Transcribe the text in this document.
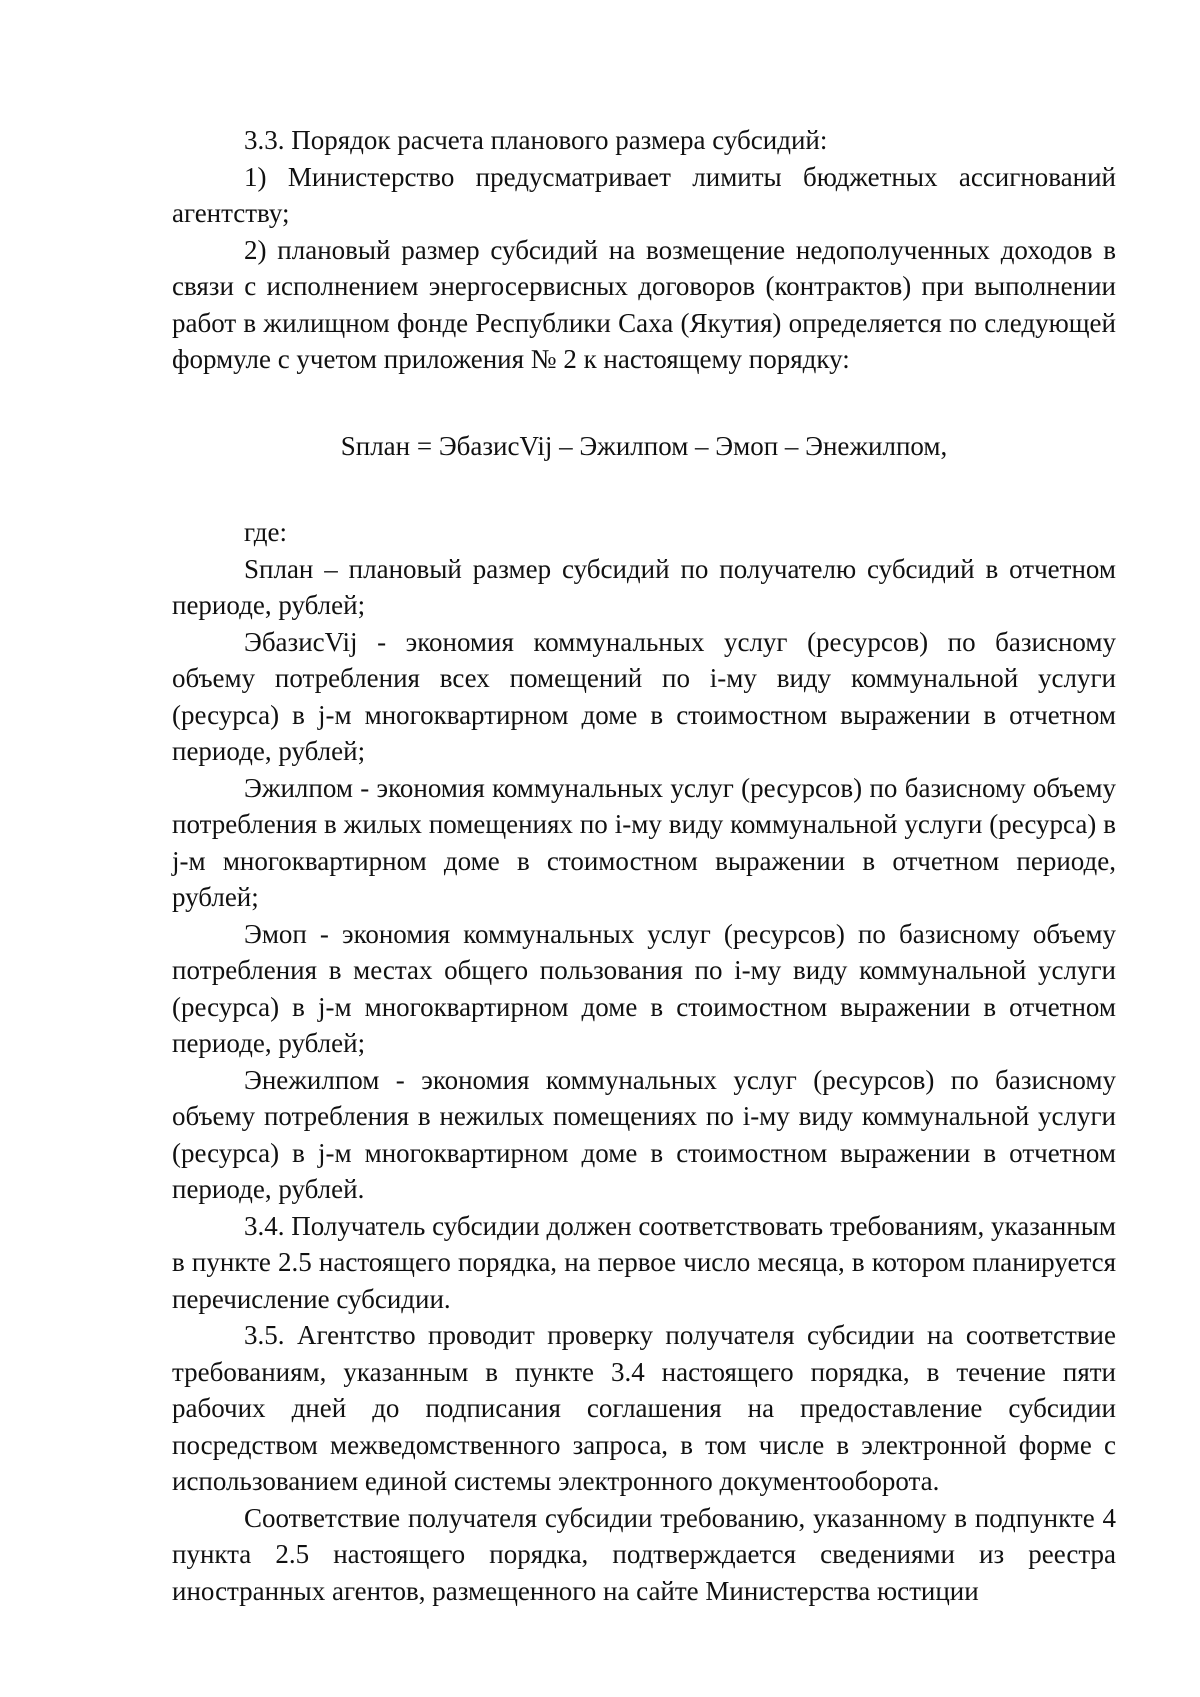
3.3. Порядок расчета планового размера субсидий:

1) Министерство предусматривает лимиты бюджетных ассигнований агентству;

2) плановый размер субсидий на возмещение недополученных доходов в связи с исполнением энергосервисных договоров (контрактов) при выполнении работ в жилищном фонде Республики Саха (Якутия) определяется по следующей формуле с учетом приложения № 2 к настоящему порядку:

Sплан = ЭбазисVij – Эжилпом – Эмоп – Энежилпом,

где:

Sплан – плановый размер субсидий по получателю субсидий в отчетном периоде, рублей;

ЭбазисVij - экономия коммунальных услуг (ресурсов) по базисному объему потребления всех помещений по i-му виду коммунальной услуги (ресурса) в j-м многоквартирном доме в стоимостном выражении в отчетном периоде, рублей;

Эжилпом - экономия коммунальных услуг (ресурсов) по базисному объему потребления в жилых помещениях по i-му виду коммунальной услуги (ресурса) в j-м многоквартирном доме в стоимостном выражении в отчетном периоде, рублей;

Эмоп - экономия коммунальных услуг (ресурсов) по базисному объему потребления в местах общего пользования по i-му виду коммунальной услуги (ресурса) в j-м многоквартирном доме в стоимостном выражении в отчетном периоде, рублей;

Энежилпом - экономия коммунальных услуг (ресурсов) по базисному объему потребления в нежилых помещениях по i-му виду коммунальной услуги (ресурса) в j-м многоквартирном доме в стоимостном выражении в отчетном периоде, рублей.

3.4. Получатель субсидии должен соответствовать требованиям, указанным в пункте 2.5 настоящего порядка, на первое число месяца, в котором планируется перечисление субсидии.

3.5. Агентство проводит проверку получателя субсидии на соответствие требованиям, указанным в пункте 3.4 настоящего порядка, в течение пяти рабочих дней до подписания соглашения на предоставление субсидии посредством межведомственного запроса, в том числе в электронной форме с использованием единой системы электронного документооборота.

Соответствие получателя субсидии требованию, указанному в подпункте 4 пункта 2.5 настоящего порядка, подтверждается сведениями из реестра иностранных агентов, размещенного на сайте Министерства юстиции
